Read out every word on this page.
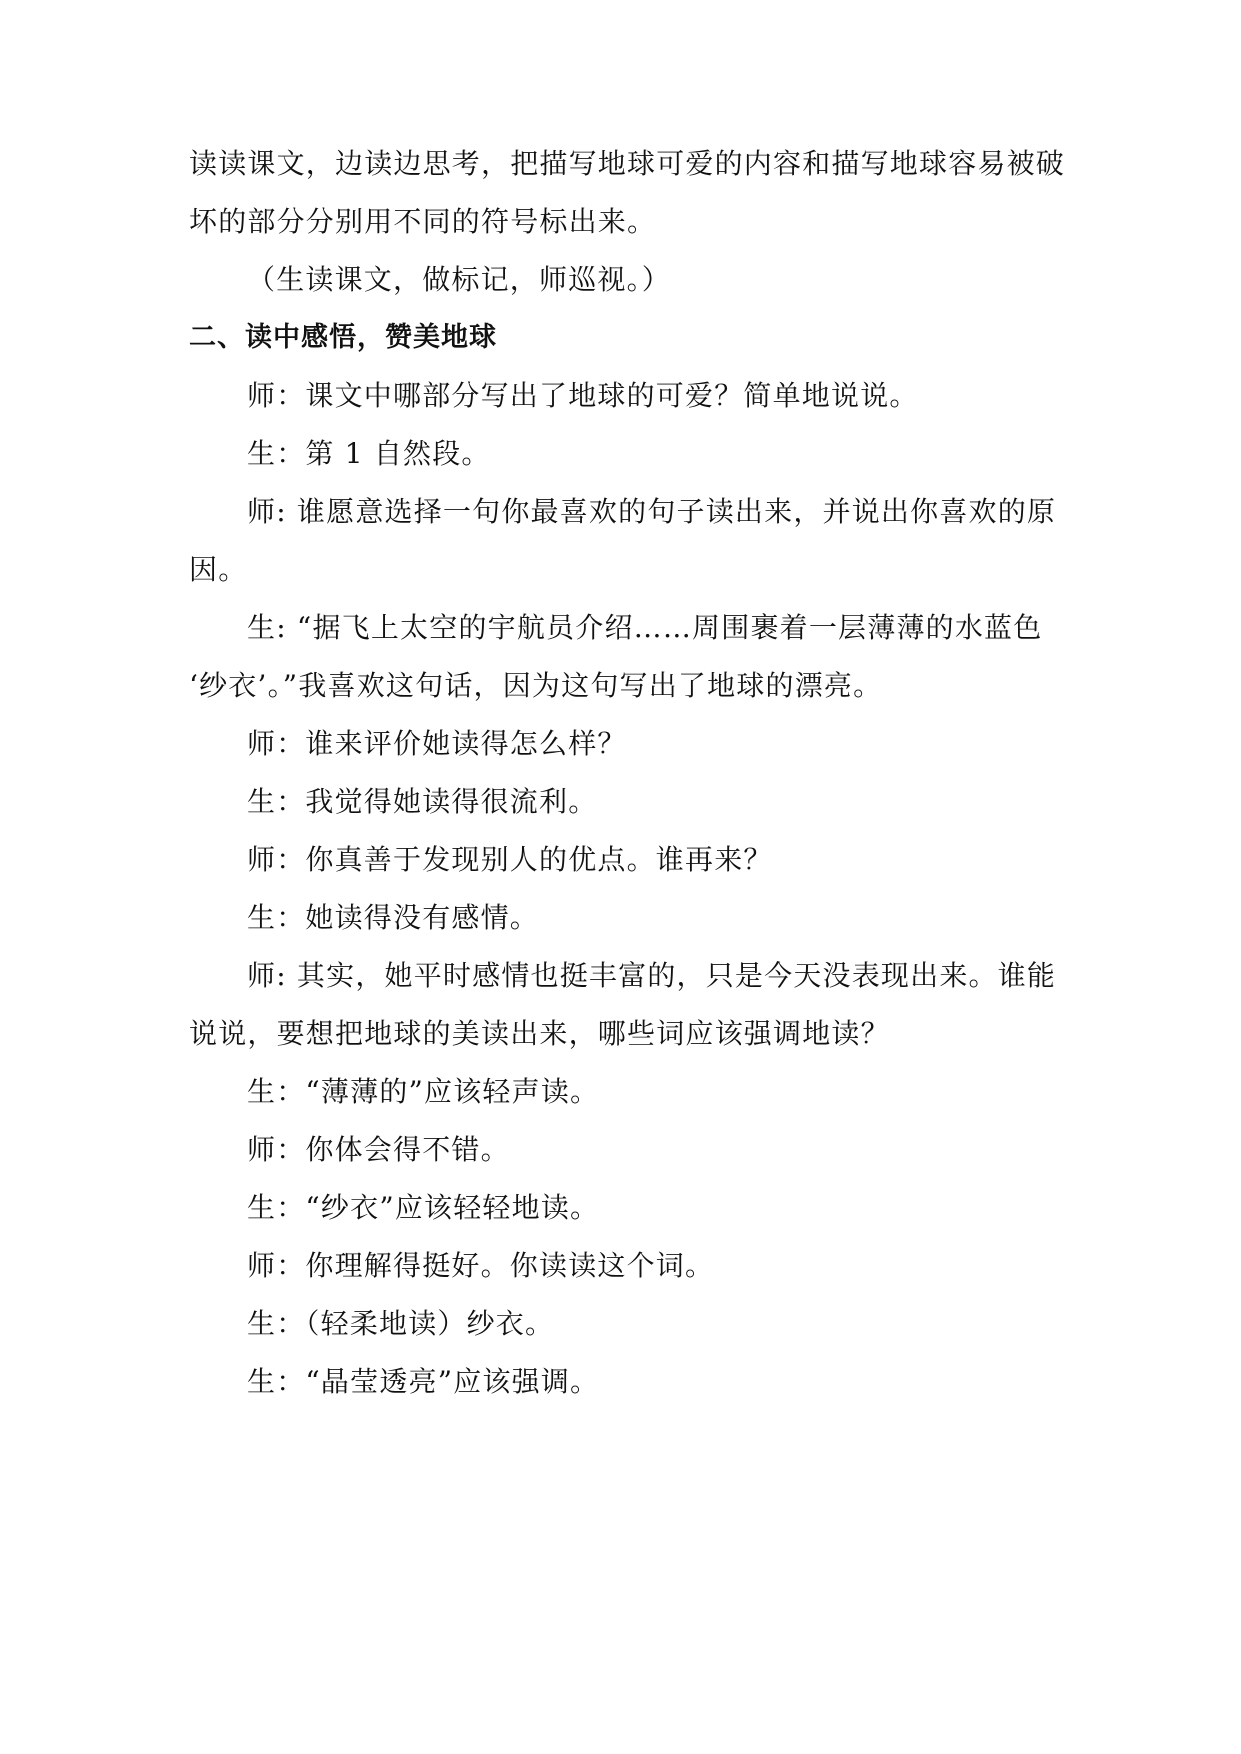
读读课文，边读边思考，把描写地球可爱的内容和描写地球容易被破
坏的部分分别用不同的符号标出来。
（生读课文，做标记，师巡视。）
二、读中感悟，赞美地球
师：课文中哪部分写出了地球的可爱？简单地说说。
生：第 1 自然段。
师: 谁愿意选择一句你最喜欢的句子读出来，并说出你喜欢的原
因。
生: “据飞上太空的宇航员介绍……周围裹着一层薄薄的水蓝色
‘纱衣’。”我喜欢这句话，因为这句写出了地球的漂亮。
师：谁来评价她读得怎么样？
生：我觉得她读得很流利。
师：你真善于发现别人的优点。谁再来？
生：她读得没有感情。
师: 其实，她平时感情也挺丰富的，只是今天没表现出来。谁能
说说，要想把地球的美读出来，哪些词应该强调地读？
生：“薄薄的”应该轻声读。
师：你体会得不错。
生：“纱衣”应该轻轻地读。
师：你理解得挺好。你读读这个词。
生：（轻柔地读）纱衣。
生：“晶莹透亮”应该强调。
